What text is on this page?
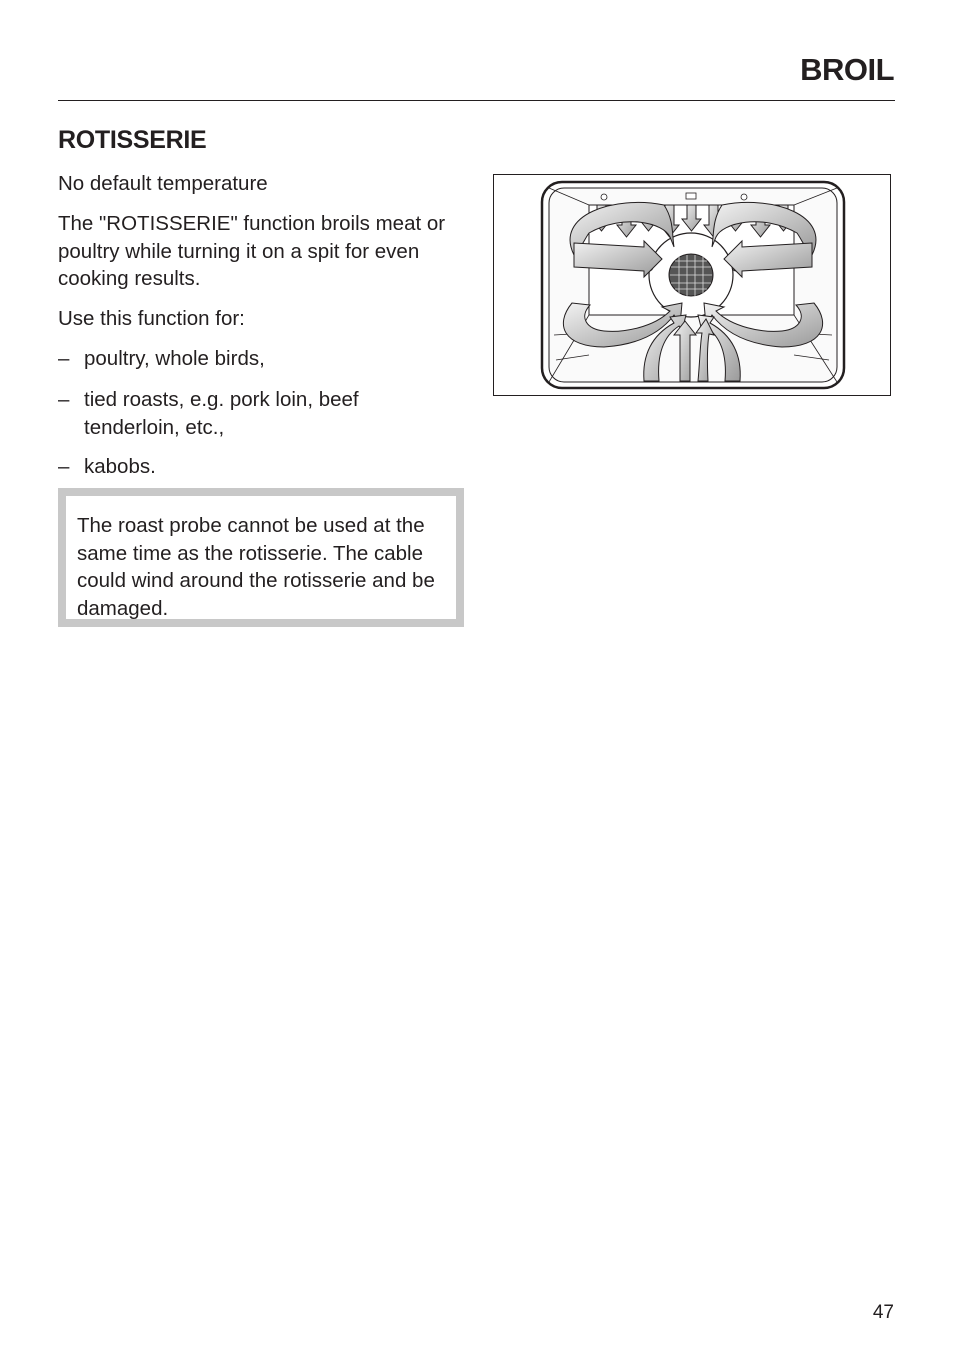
BROIL
ROTISSERIE
No default temperature
The "ROTISSERIE" function broils meat or poultry while turning it on a spit for even cooking results.
Use this function for:
– poultry, whole birds,
– tied roasts, e.g. pork loin, beef tenderloin, etc.,
– kabobs.
The roast probe cannot be used at the same time as the rotisserie. The cable could wind around the rotisserie and be damaged.
47
